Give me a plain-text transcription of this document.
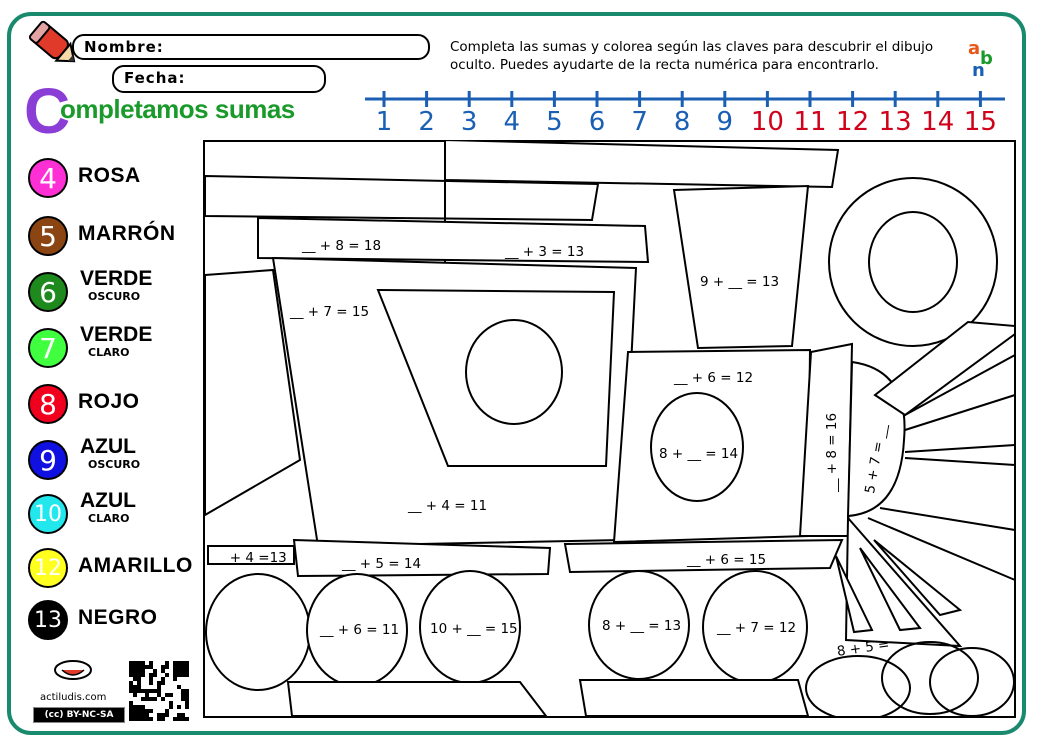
Nombre:
Fecha:
Completa las sumas y colorea según las claves para descubrir el dibujo oculto. Puedes ayudarte de la recta numérica para encontrarlo.
a b
n
C
ompletamos sumas	1 2 3 4 5 6 7 8 9 10 11 12 13 14 15
4	ROSA
5	MARRÓN
6	VERDE
OSCURO
7	VERDE
CLARO
8	ROJO
9	AZUL
OSCURO
10
AZUL
CLARO
12 AMARILLO
13 NEGRO
__ + 8 = 18	__ + 3 = 13
9 + __ = 13
__ + 7 = 15
__ + 6 = 12
8 + __ = 14	__ + 8 = 16 5 + 7 = __
__ + 4 = 11
__ + 4 =13	__ + 5 = 14	__ + 6 = 15
__ + 6 = 11 10 + __ = 15	8 + __ = 13	__ + 7 = 12
8 + 5 =
actiludis.com
(cc) BY-NC-SA
